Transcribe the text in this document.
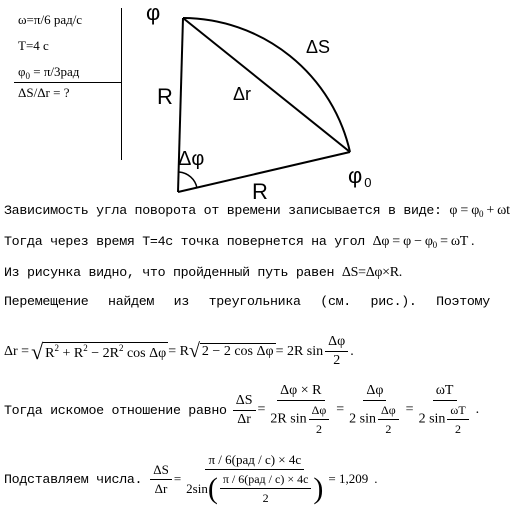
ω=π/6 рад/с
T=4 c
$\varphi_0 = \pi/3рад$
ΔS/Δr = ?
φ
R
R
Δr
ΔS
Δφ
φ 0
Зависимость угла поворота от времени записывается в виде: $\varphi = \varphi_0 + \omega t$
Тогда через время T=4c точка повернется на угол $\Delta\varphi = \varphi - \varphi_0 = \omega T$ .
Из рисунка видно, что пройденный путь равен ΔS=Δφ×R.
Перемещение найдем из треугольника (см. рис.). Поэтому
Δr = √ $R^2 + R^2 - 2R^2$ cos Δφ = R √ 2 − 2 cos Δφ = 2R $\sin \frac{\Delta\varphi}{2}$ .
Тогда искомое отношение равно $\frac{\Delta S}{\Delta r} = \frac{\Delta\varphi \times R}{2R \sin \frac{\Delta\varphi}{2}} = \frac{\Delta\varphi}{2 \sin \frac{\Delta\varphi}{2}} = \frac{\omega T}{2 \sin \frac{\omega T}{2}}$ .
Подставляем числа. $\frac{\Delta S}{\Delta r} = \frac{\text{π / 6(рад / c) × 4c}}{2\sin ( \frac{\text{π / 6(рад / c) × 4c}}{2} )} = 1,209$ .
